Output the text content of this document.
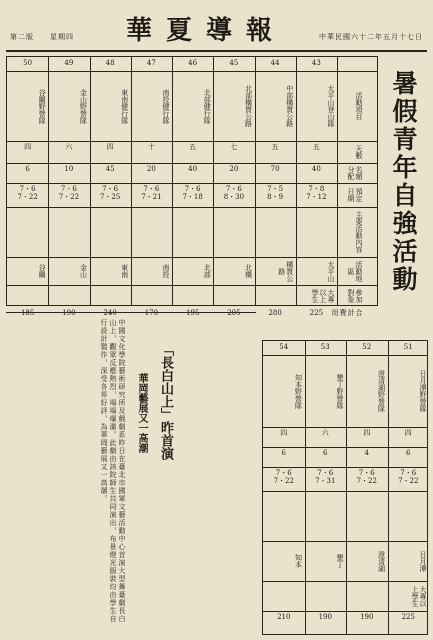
第二版　　星期四 華夏導報	中華民國六十二年五月十七日
活動項目
天數
名額分配
預定日期
主要活動內容
活動地區
參加對象
合計費用
43
太平山登山隊
五
40
7・8
7・12
太平山
大專以上學生
225
44
中部橫貫公路
五
70
7・5
8・9
橫貫公路
280
45
北部橫貫公路
七
20
7・6
8・30
北橫
205
46
北部健行隊
五
40
7・6
7・18
北部
195
47
南投健行隊
十
20
7・6
7・21
南投
170
48
東南健行隊
四
45
7・6
7・25
東南
240
49
金山野營隊
六
10
7・6
7・22
金山
190
50
谷關野營隊
四
6
7・6
7・22
谷關
185
暑假青年自強活動
「長白山上」昨首演
華岡藝展又一高潮
中國文化學院藝術研究所及戲劇系昨日在臺北市國軍文藝活動中心首演大型舞臺劇長白山上，觀眾反應熱烈，場場爆滿。此劇由該院師生共同演出，布景燈光服裝均由學生自行設計製作，深受各界好評，為華岡藝展又一高潮。	51
日月潭野營隊
四
6
7・6
7・22
日月潭
大專以上學生
225
52
澄清湖野營隊
四
4
7・6
7・22
澄清湖
190
53
墾丁野營隊
六
6
7・6
7・31
墾丁
190
54
知本野營隊
四
6
7・6
7・22
知本
210
